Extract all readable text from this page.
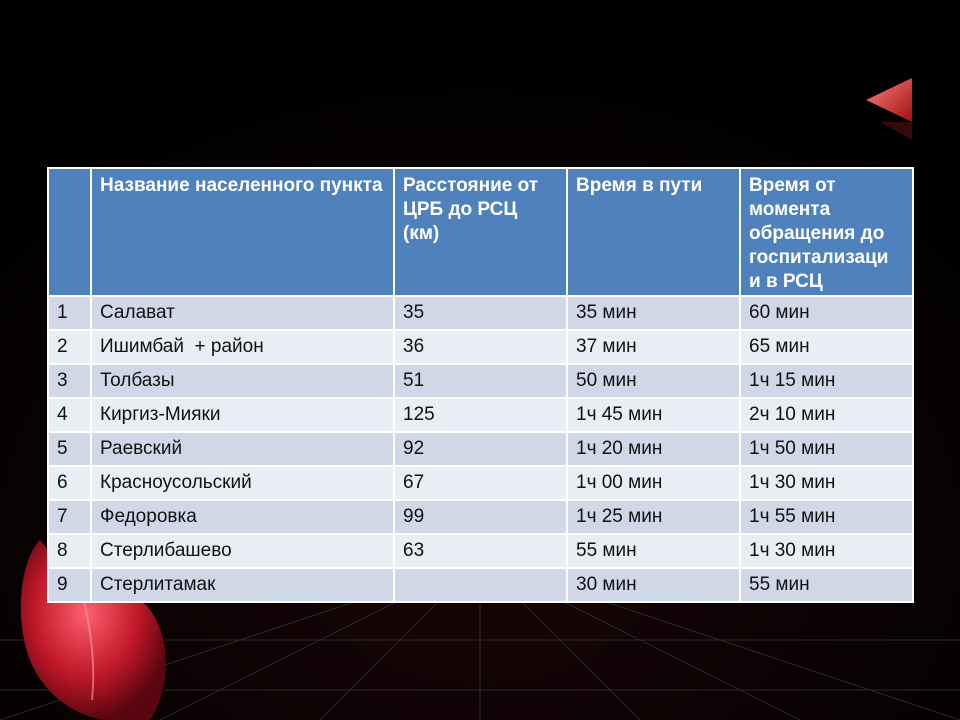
	Название населенного пункта	Расстояние от ЦРБ до РСЦ (км)	Время в пути	Время от момента обращения до госпитализаци и в РСЦ
1	Салават	35	35 мин	60 мин
2	Ишимбай  + район	36	37 мин	65 мин
3	Толбазы	51	50 мин	1ч 15 мин
4	Киргиз-Мияки	125	1ч 45 мин	2ч 10 мин
5	Раевский	92	1ч 20 мин	1ч 50 мин
6	Красноусольский	67	1ч 00 мин	1ч 30 мин
7	Федоровка	99	1ч 25 мин	1ч 55 мин
8	Стерлибашево	63	55 мин	1ч 30 мин
9	Стерлитамак		30 мин	55 мин
